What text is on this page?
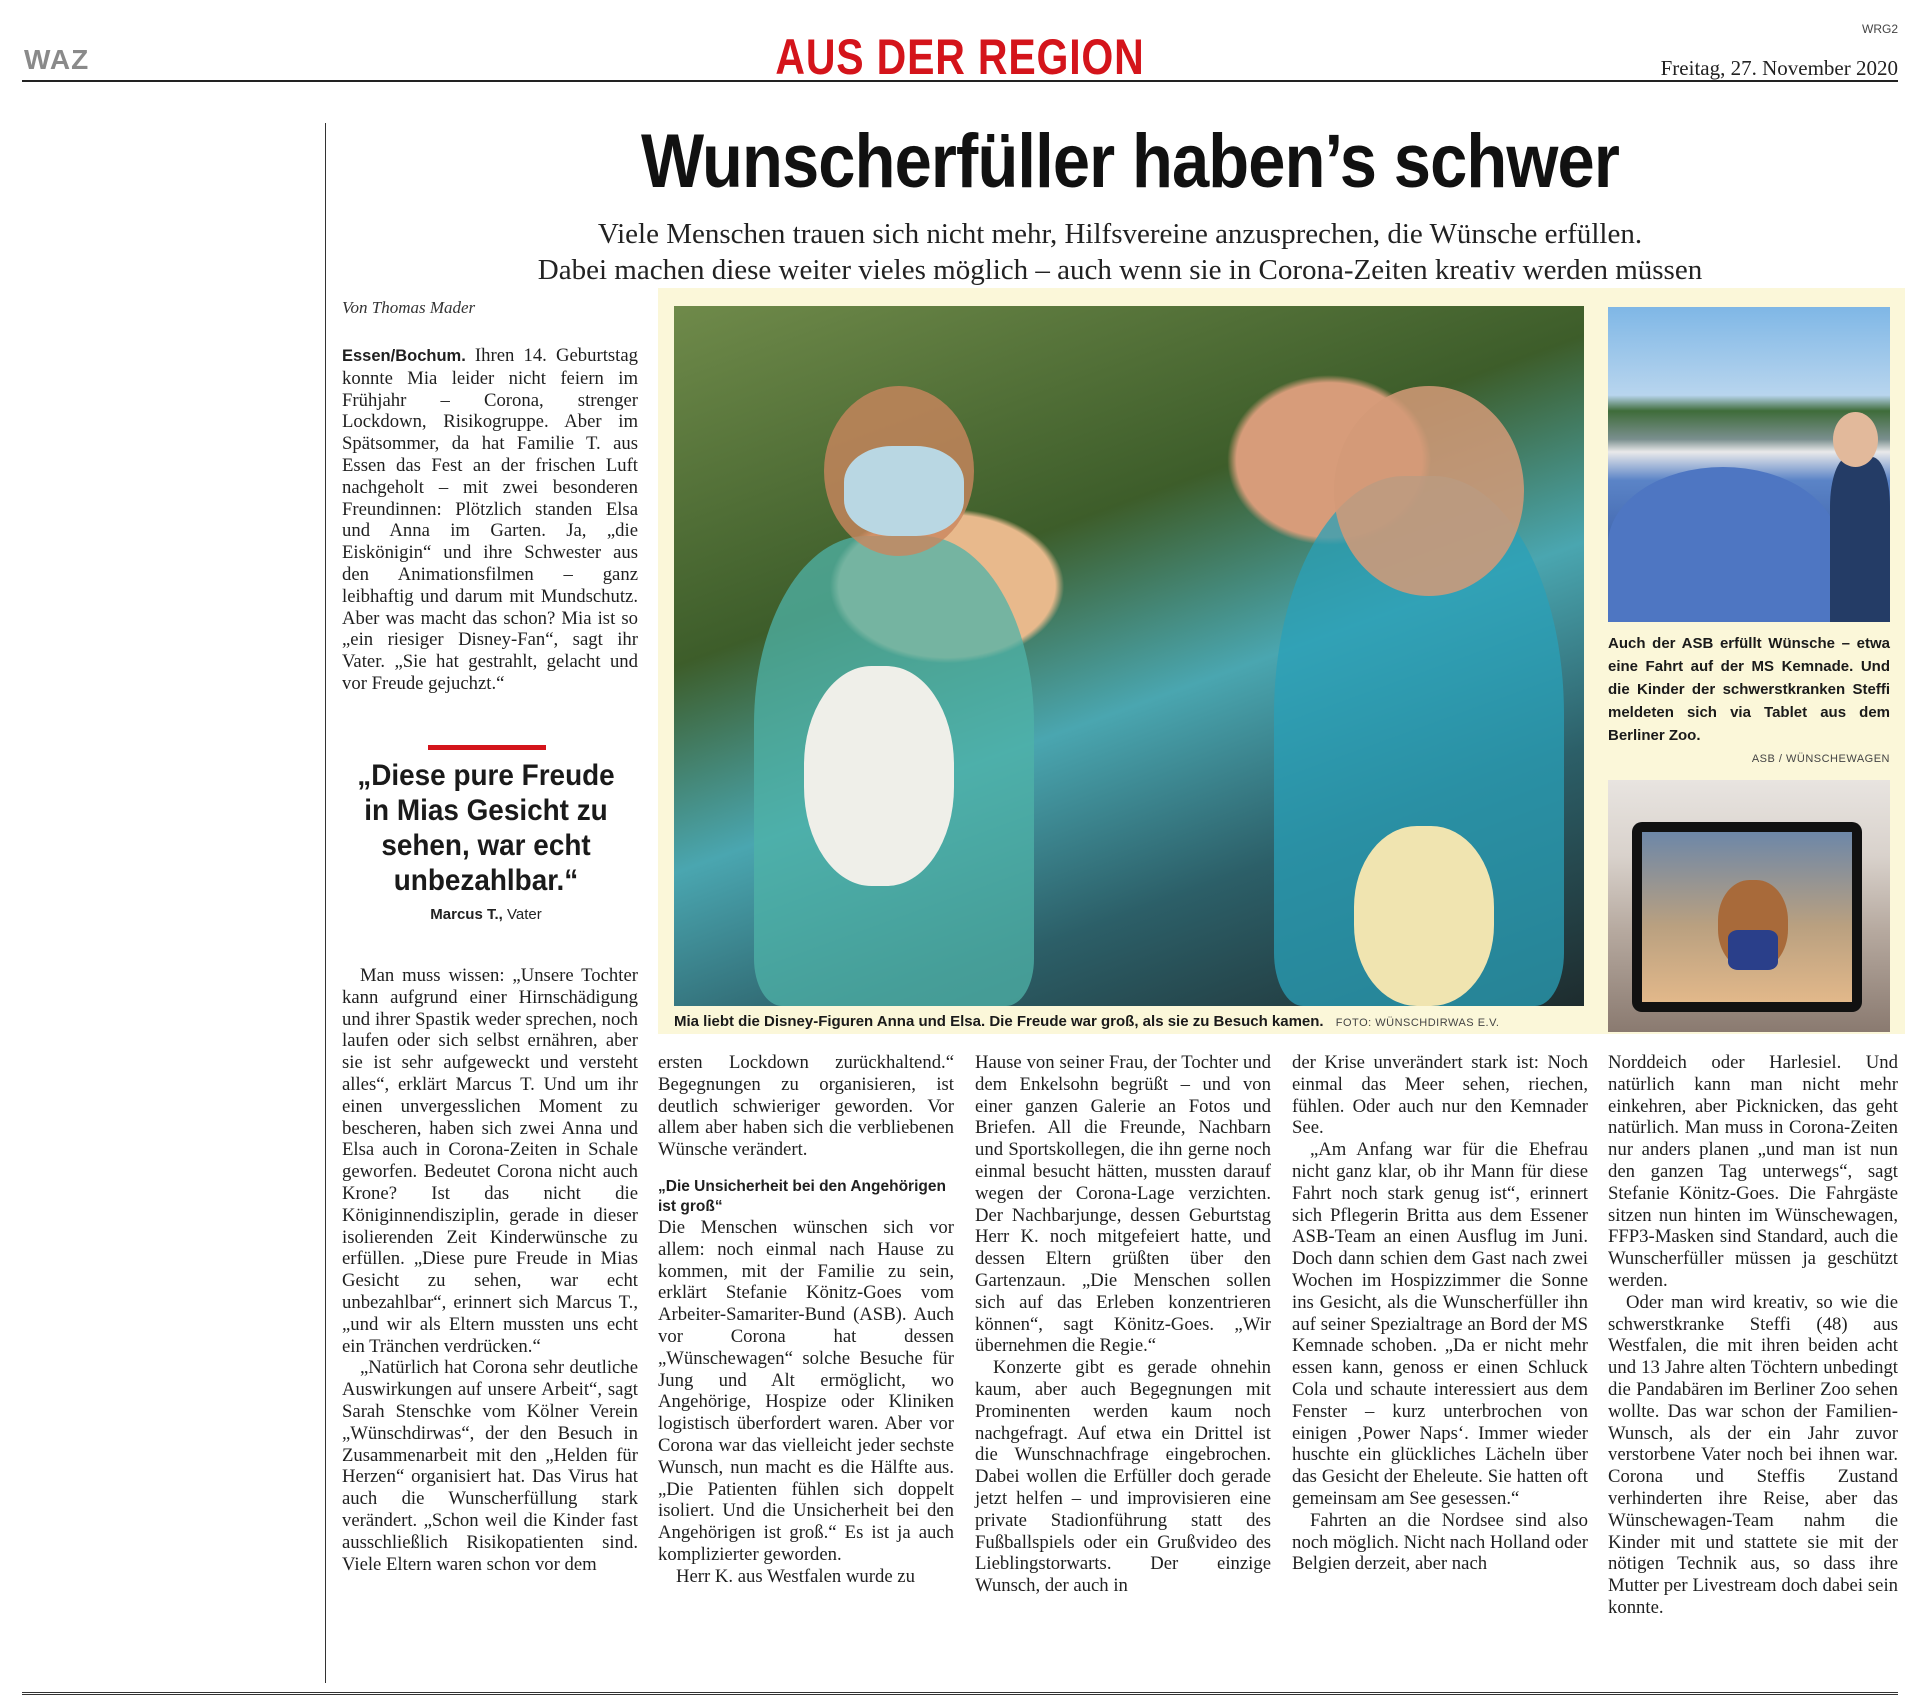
WAZ	AUS DER REGION	WRG2
Freitag, 27. November 2020
Wunscherfüller haben’s schwer
Viele Menschen trauen sich nicht mehr, Hilfsvereine anzusprechen, die Wünsche erfüllen.
Dabei machen diese weiter vieles möglich – auch wenn sie in Corona-Zeiten kreativ werden müssen
Von Thomas Mader
Mia liebt die Disney-Figuren Anna und Elsa. Die Freude war groß, als sie zu Besuch kamen. FOTO: WÜNSCHDIRWAS E.V.
Auch der ASB erfüllt Wünsche – etwa eine Fahrt auf der MS Kemnade. Und die Kinder der schwerstkranken Steffi meldeten sich via Tablet aus dem Berliner Zoo.
ASB / WÜNSCHEWAGEN

Essen/Bochum. Ihren 14. Geburtstag konnte Mia leider nicht feiern im Frühjahr – Corona, strenger Lockdown, Risikogruppe. Aber im Spätsommer, da hat Familie T. aus Essen das Fest an der frischen Luft nachgeholt – mit zwei besonderen Freundinnen: Plötzlich standen Elsa und Anna im Garten. Ja, „die Eiskönigin“ und ihre Schwester aus den Animationsfilmen – ganz leibhaftig und darum mit Mundschutz. Aber was macht das schon? Mia ist so „ein riesiger Disney-Fan“, sagt ihr Vater. „Sie hat gestrahlt, gelacht und vor Freude gejuchzt.“

„Diese pure Freude in Mias Gesicht zu sehen, war echt unbezahlbar.“
Marcus T., Vater

Man muss wissen: „Unsere Tochter kann aufgrund einer Hirnschädigung und ihrer Spastik weder sprechen, noch laufen oder sich selbst ernähren, aber sie ist sehr aufgeweckt und versteht alles“, erklärt Marcus T. Und um ihr einen unvergesslichen Moment zu bescheren, haben sich zwei Anna und Elsa auch in Corona-Zeiten in Schale geworfen. Bedeutet Corona nicht auch Krone? Ist das nicht die Königinnendisziplin, gerade in dieser isolierenden Zeit Kinderwünsche zu erfüllen. „Diese pure Freude in Mias Gesicht zu sehen, war echt unbezahlbar“, erinnert sich Marcus T., „und wir als Eltern mussten uns echt ein Tränchen verdrücken.“

„Natürlich hat Corona sehr deutliche Auswirkungen auf unsere Arbeit“, sagt Sarah Stenschke vom Kölner Verein „Wünschdirwas“, der den Besuch in Zusammenarbeit mit den „Helden für Herzen“ organisiert hat. Das Virus hat auch die Wunscherfüllung stark verändert. „Schon weil die Kinder fast ausschließlich Risikopatienten sind. Viele Eltern waren schon vor dem

ersten Lockdown zurückhaltend.“ Begegnungen zu organisieren, ist deutlich schwieriger geworden. Vor allem aber haben sich die verbliebenen Wünsche verändert.

„Die Unsicherheit bei den Angehörigen ist groß“

Die Menschen wünschen sich vor allem: noch einmal nach Hause zu kommen, mit der Familie zu sein, erklärt Stefanie Könitz-Goes vom Arbeiter-Samariter-Bund (ASB). Auch vor Corona hat dessen „Wünschewagen“ solche Besuche für Jung und Alt ermöglicht, wo Angehörige, Hospize oder Kliniken logistisch überfordert waren. Aber vor Corona war das vielleicht jeder sechste Wunsch, nun macht es die Hälfte aus. „Die Patienten fühlen sich doppelt isoliert. Und die Unsicherheit bei den Angehörigen ist groß.“ Es ist ja auch komplizierter geworden.

Herr K. aus Westfalen wurde zu

Hause von seiner Frau, der Tochter und dem Enkelsohn begrüßt – und von einer ganzen Galerie an Fotos und Briefen. All die Freunde, Nachbarn und Sportskollegen, die ihn gerne noch einmal besucht hätten, mussten darauf wegen der Corona-Lage verzichten. Der Nachbarjunge, dessen Geburtstag Herr K. noch mitgefeiert hatte, und dessen Eltern grüßten über den Gartenzaun. „Die Menschen sollen sich auf das Erleben konzentrieren können“, sagt Könitz-Goes. „Wir übernehmen die Regie.“

Konzerte gibt es gerade ohnehin kaum, aber auch Begegnungen mit Prominenten werden kaum noch nachgefragt. Auf etwa ein Drittel ist die Wunschnachfrage eingebrochen. Dabei wollen die Erfüller doch gerade jetzt helfen – und improvisieren eine private Stadionführung statt des Fußballspiels oder ein Grußvideo des Lieblingstorwarts. Der einzige Wunsch, der auch in

der Krise unverändert stark ist: Noch einmal das Meer sehen, riechen, fühlen. Oder auch nur den Kemnader See.

„Am Anfang war für die Ehefrau nicht ganz klar, ob ihr Mann für diese Fahrt noch stark genug ist“, erinnert sich Pflegerin Britta aus dem Essener ASB-Team an einen Ausflug im Juni. Doch dann schien dem Gast nach zwei Wochen im Hospizzimmer die Sonne ins Gesicht, als die Wunscherfüller ihn auf seiner Spezialtrage an Bord der MS Kemnade schoben. „Da er nicht mehr essen kann, genoss er einen Schluck Cola und schaute interessiert aus dem Fenster – kurz unterbrochen von einigen ‚Power Naps‘. Immer wieder huschte ein glückliches Lächeln über das Gesicht der Eheleute. Sie hatten oft gemeinsam am See gesessen.“

Fahrten an die Nordsee sind also noch möglich. Nicht nach Holland oder Belgien derzeit, aber nach

Norddeich oder Harlesiel. Und natürlich kann man nicht mehr einkehren, aber Picknicken, das geht natürlich. Man muss in Corona-Zeiten nur anders planen „und man ist nun den ganzen Tag unterwegs“, sagt Stefanie Könitz-Goes. Die Fahrgäste sitzen nun hinten im Wünschewagen, FFP3-Masken sind Standard, auch die Wunscherfüller müssen ja geschützt werden.

Oder man wird kreativ, so wie die schwerstkranke Steffi (48) aus Westfalen, die mit ihren beiden acht und 13 Jahre alten Töchtern unbedingt die Pandabären im Berliner Zoo sehen wollte. Das war schon der Familien-Wunsch, als der ein Jahr zuvor verstorbene Vater noch bei ihnen war. Corona und Steffis Zustand verhinderten ihre Reise, aber das Wünschewagen-Team nahm die Kinder mit und stattete sie mit der nötigen Technik aus, so dass ihre Mutter per Livestream doch dabei sein konnte.
